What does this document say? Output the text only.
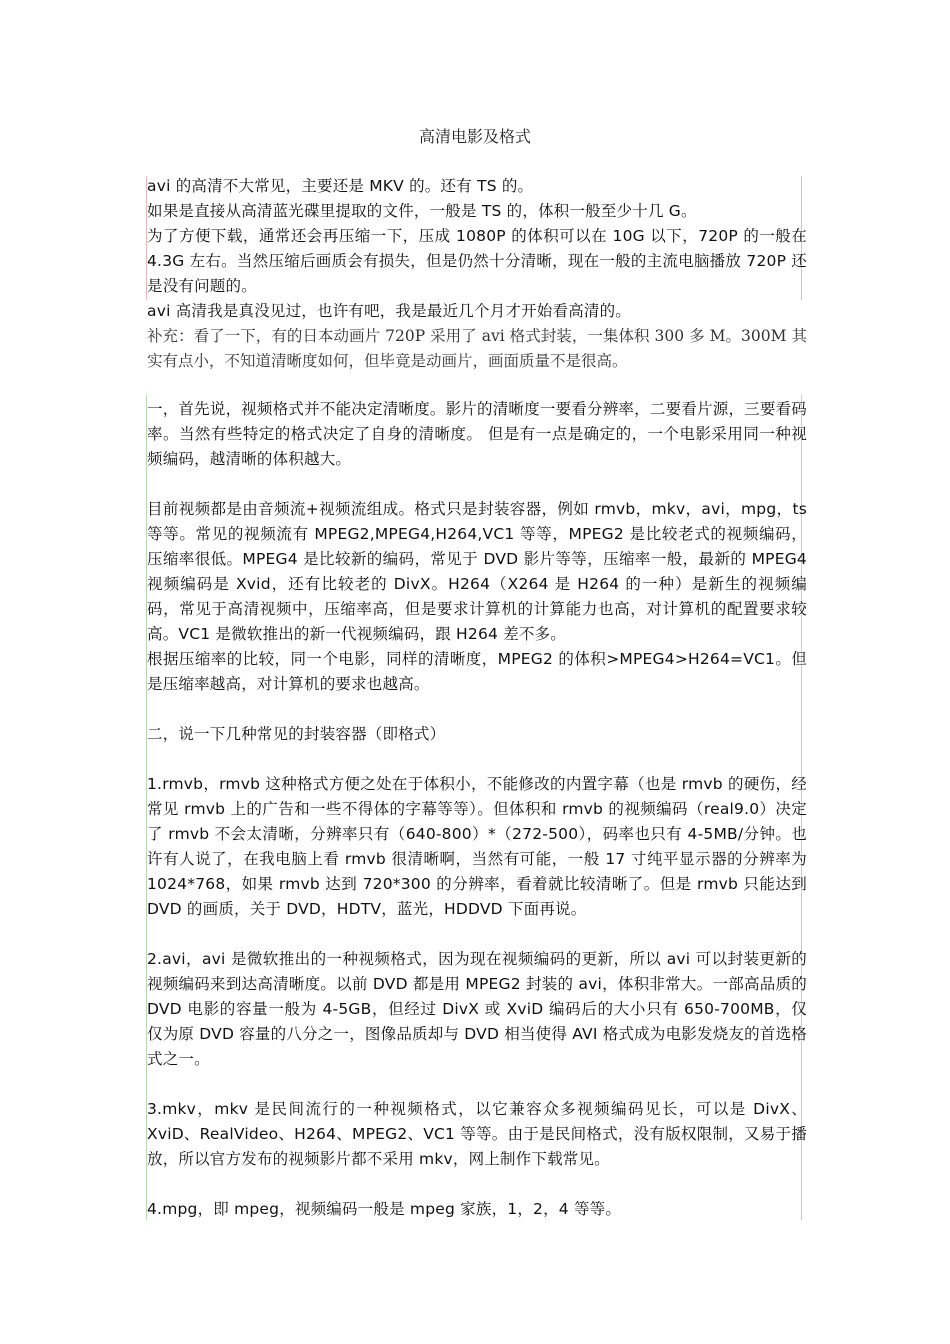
高清电影及格式

avi 的高清不大常见，主要还是 MKV 的。还有 TS 的。

如果是直接从高清蓝光碟里提取的文件，一般是 TS 的，体积一般至少十几 G。

为了方便下载，通常还会再压缩一下，压成 1080P 的体积可以在 10G 以下，720P 的一般在 4.3G 左右。当然压缩后画质会有损失，但是仍然十分清晰，现在一般的主流电脑播放 720P 还是没有问题的。

avi 高清我是真没见过，也许有吧，我是最近几个月才开始看高清的。

补充：看了一下，有的日本动画片 720P 采用了 avi 格式封装，一集体积 300 多 M。300M 其实有点小，不知道清晰度如何，但毕竟是动画片，画面质量不是很高。

一，首先说，视频格式并不能决定清晰度。影片的清晰度一要看分辨率，二要看片源，三要看码率。当然有些特定的格式决定了自身的清晰度。 但是有一点是确定的，一个电影采用同一种视频编码，越清晰的体积越大。

目前视频都是由音频流+视频流组成。格式只是封装容器，例如 rmvb，mkv，avi，mpg，ts 等等。常见的视频流有 MPEG2,MPEG4,H264,VC1 等等，MPEG2 是比较老式的视频编码，压缩率很低。MPEG4 是比较新的编码，常见于 DVD 影片等等，压缩率一般，最新的 MPEG4 视频编码是 Xvid，还有比较老的 DivX。H264（X264 是 H264 的一种）是新生的视频编码，常见于高清视频中，压缩率高，但是要求计算机的计算能力也高，对计算机的配置要求较高。VC1 是微软推出的新一代视频编码，跟 H264 差不多。

根据压缩率的比较，同一个电影，同样的清晰度，MPEG2 的体积>MPEG4>H264=VC1。但是压缩率越高，对计算机的要求也越高。

二，说一下几种常见的封装容器（即格式）

1.rmvb，rmvb 这种格式方便之处在于体积小，不能修改的内置字幕（也是 rmvb 的硬伤，经常见 rmvb 上的广告和一些不得体的字幕等等）。但体积和 rmvb 的视频编码（real9.0）决定了 rmvb 不会太清晰，分辨率只有（640-800）*（272-500），码率也只有 4-5MB/分钟。也许有人说了，在我电脑上看 rmvb 很清晰啊，当然有可能，一般 17 寸纯平显示器的分辨率为 1024*768，如果 rmvb 达到 720*300 的分辨率，看着就比较清晰了。但是 rmvb 只能达到 DVD 的画质，关于 DVD，HDTV，蓝光，HDDVD 下面再说。

2.avi，avi 是微软推出的一种视频格式，因为现在视频编码的更新，所以 avi 可以封装更新的视频编码来到达高清晰度。以前 DVD 都是用 MPEG2 封装的 avi，体积非常大。一部高品质的 DVD 电影的容量一般为 4-5GB，但经过 DivX 或 XviD 编码后的大小只有 650-700MB，仅仅为原 DVD 容量的八分之一，图像品质却与 DVD 相当使得 AVI 格式成为电影发烧友的首选格式之一。

3.mkv，mkv 是民间流行的一种视频格式，以它兼容众多视频编码见长，可以是 DivX、XviD、RealVideo、H264、MPEG2、VC1 等等。由于是民间格式，没有版权限制，又易于播放，所以官方发布的视频影片都不采用 mkv，网上制作下载常见。

4.mpg，即 mpeg，视频编码一般是 mpeg 家族，1，2，4 等等。
